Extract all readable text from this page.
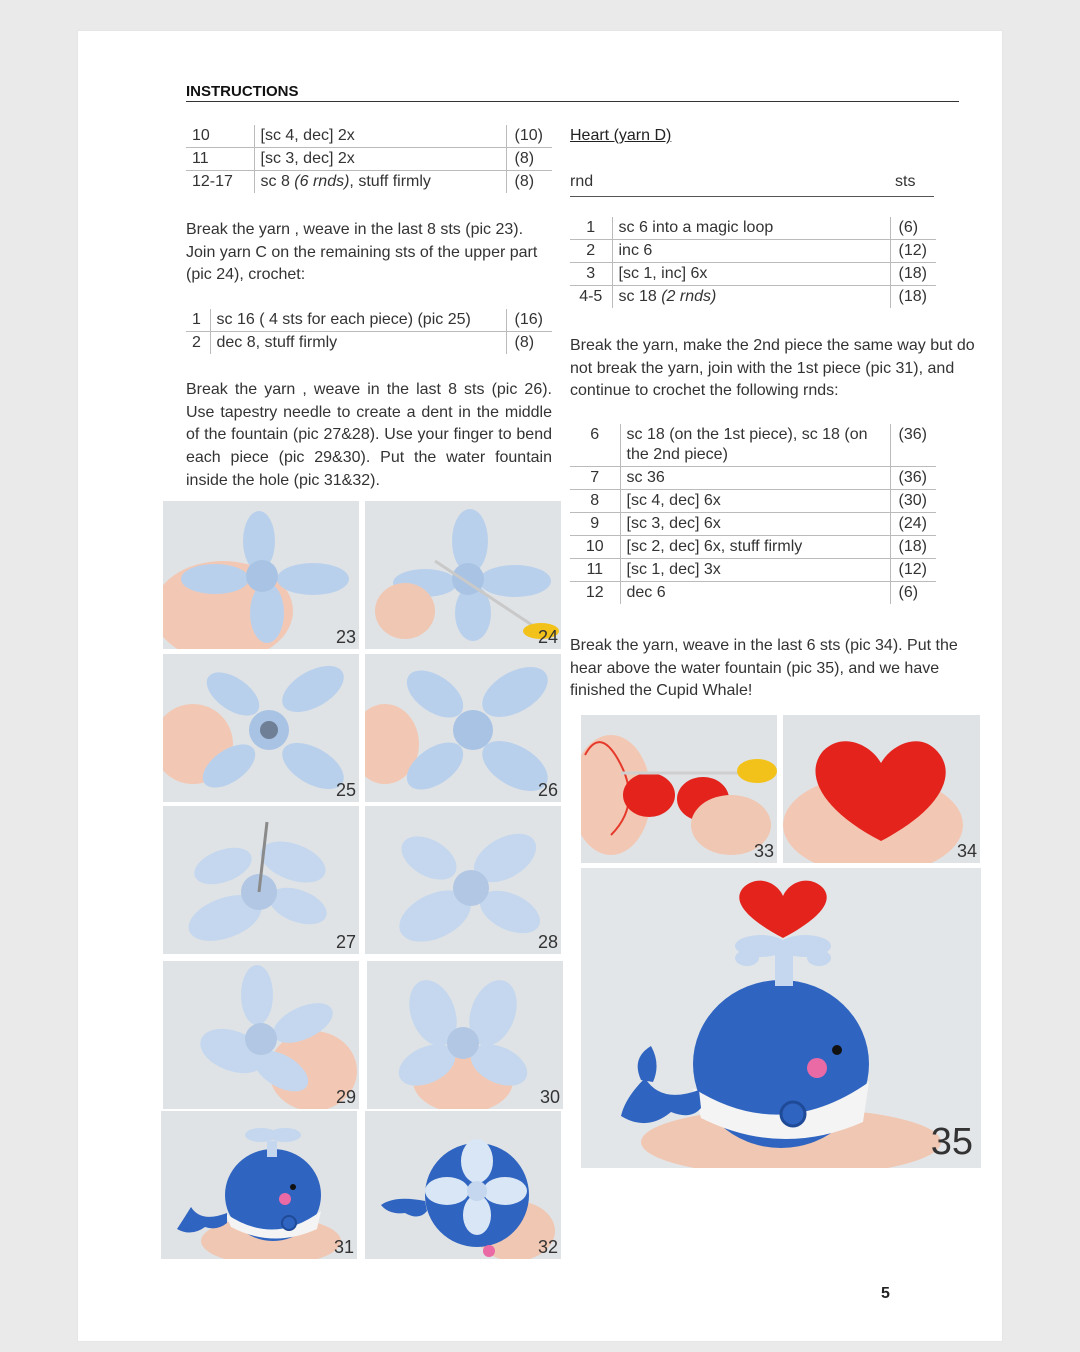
INSTRUCTIONS
10	[sc 4, dec] 2x	(10)
11	[sc 3, dec] 2x	(8)
12-17	sc 8 (6 rnds), stuff firmly	(8)
Break the yarn , weave in the last 8 sts (pic 23). Join yarn C on the remaining sts of the upper part (pic 24), crochet:
1	sc 16 ( 4 sts for each piece) (pic 25)	(16)
2	dec 8, stuff firmly	(8)
Break the yarn , weave in the last 8 sts (pic 26). Use tapestry needle to create a dent in the middle of the fountain (pic 27&28). Use your finger to bend each piece (pic 29&30). Put the water fountain inside the hole (pic 31&32).
Heart (yarn D)
rnd	sts
1	sc 6 into a magic loop	(6)
2	inc 6	(12)
3	[sc 1, inc] 6x	(18)
4-5	sc 18 (2 rnds)	(18)
Break the yarn, make the 2nd piece the same way but do not break the yarn, join with the 1st piece (pic 31), and continue to crochet the following rnds:
6	sc 18 (on the 1st piece), sc 18 (on the 2nd piece)	(36)
7	sc 36	(36)
8	[sc 4, dec] 6x	(30)
9	[sc 3, dec] 6x	(24)
10	[sc 2, dec] 6x, stuff firmly	(18)
11	[sc 1, dec] 3x	(12)
12	dec 6	(6)
Break the yarn, weave in the last 6 sts (pic 34). Put the hear above the water fountain (pic 35), and we have finished the Cupid Whale!
23	24
25	26
27	28
29	30
31	32
33	34
35
5
